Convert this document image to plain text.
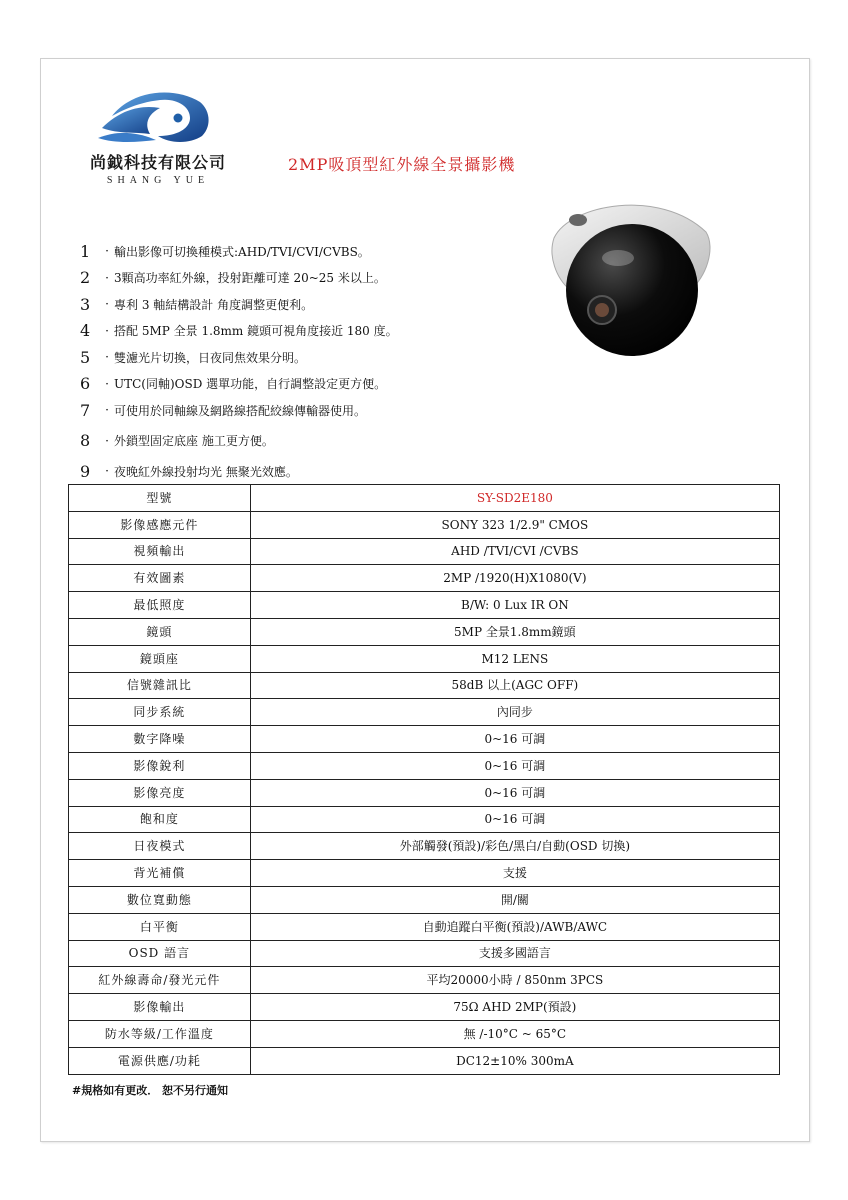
尚鉞科技有限公司
SHANG YUE
2MP吸頂型紅外線全景攝影機
1	· 輸出影像可切換種模式:AHD/TVI/CVI/CVBS。
2	· 3顆高功率紅外線，投射距離可達 20~25 米以上。
3	· 專利 3 軸結構設計 角度調整更便利。
4	· 搭配 5MP 全景 1.8mm 鏡頭可視角度接近 180 度。
5	· 雙濾光片切換，日夜同焦效果分明。
6	· UTC(同軸)OSD 選單功能，自行調整設定更方便。
7	· 可使用於同軸線及網路線搭配絞線傳輸器使用。
8	· 外鎖型固定底座 施工更方便。
9	· 夜晚紅外線投射均光 無聚光效應。
型號	SY-SD2E180
影像感應元件	SONY 323 1/2.9" CMOS
視頻輸出	AHD /TVI/CVI /CVBS
有效圖素	2MP /1920(H)X1080(V)
最低照度	B/W: 0 Lux IR ON
鏡頭	5MP 全景1.8mm鏡頭
鏡頭座	M12 LENS
信號雜訊比	58dB 以上(AGC OFF)
同步系統	內同步
數字降噪	0~16 可調
影像銳利	0~16 可調
影像亮度	0~16 可調
飽和度	0~16 可調
日夜模式	外部觸發(預設)/彩色/黑白/自動(OSD 切換)
背光補償	支援
數位寬動態	開/關
白平衡	自動追蹤白平衡(預設)/AWB/AWC
OSD 語言	支援多國語言
紅外線壽命/發光元件	平均20000小時 / 850nm 3PCS
影像輸出	75Ω AHD 2MP(預設)
防水等級/工作溫度	無 /-10°C ~ 65°C
電源供應/功耗	DC12±10% 300mA
#規格如有更改． 恕不另行通知
